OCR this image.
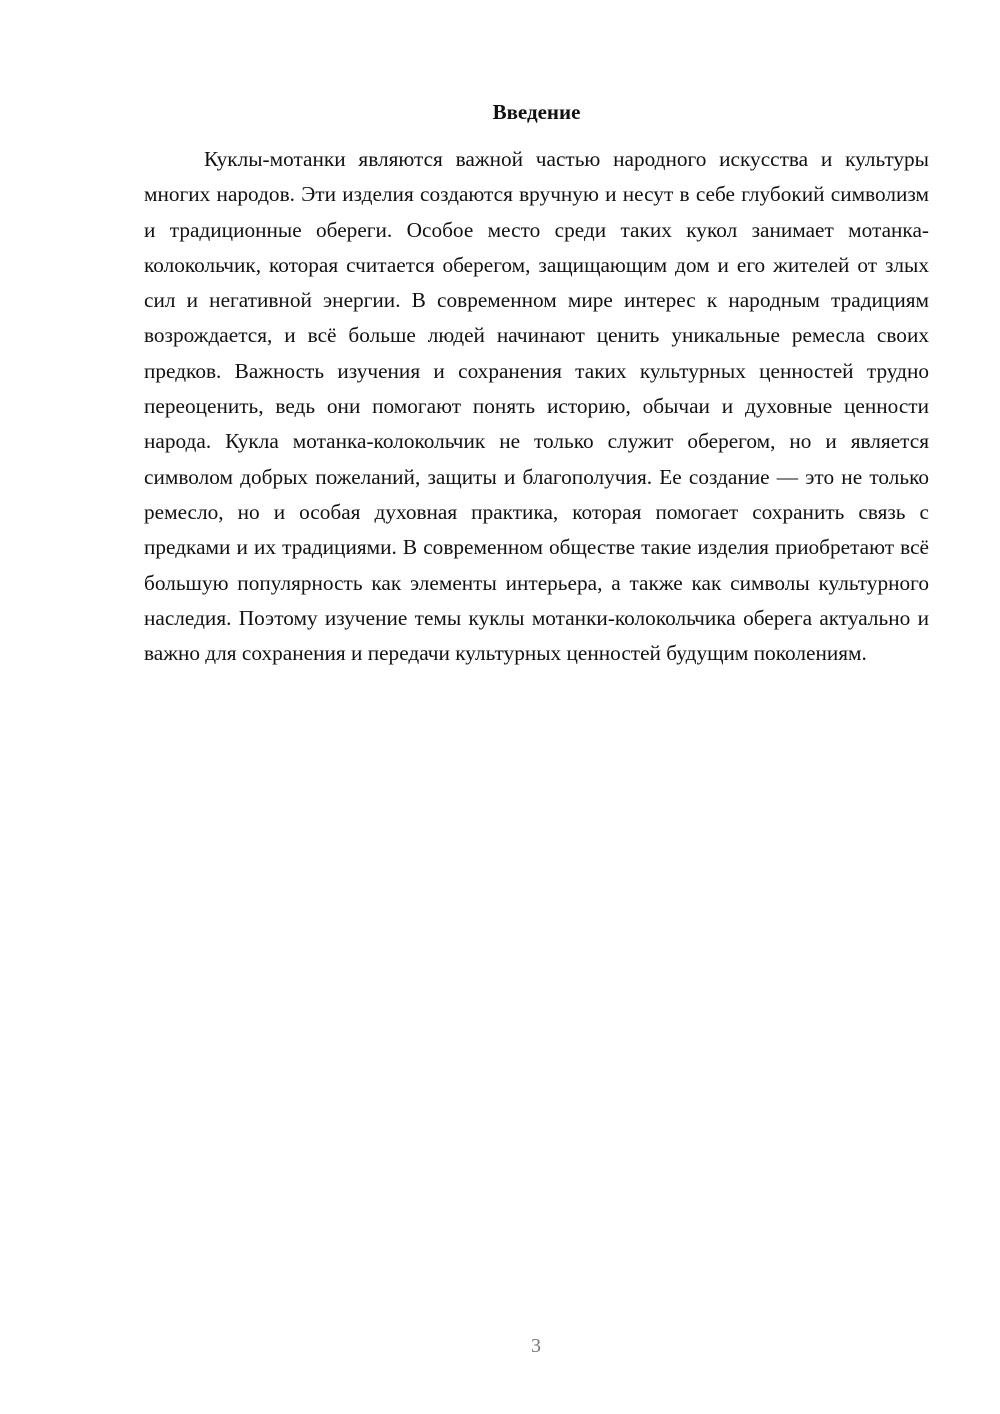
Введение

Куклы-мотанки являются важной частью народного искусства и культуры многих народов. Эти изделия создаются вручную и несут в себе глубокий символизм и традиционные обереги. Особое место среди таких кукол занимает мотанка-колокольчик, которая считается оберегом, защищающим дом и его жителей от злых сил и негативной энергии. В современном мире интерес к народным традициям возрождается, и всё больше людей начинают ценить уникальные ремесла своих предков. Важность изучения и сохранения таких культурных ценностей трудно переоценить, ведь они помогают понять историю, обычаи и духовные ценности народа. Кукла мотанка-колокольчик не только служит оберегом, но и является символом добрых пожеланий, защиты и благополучия. Ее создание — это не только ремесло, но и особая духовная практика, которая помогает сохранить связь с предками и их традициями. В современном обществе такие изделия приобретают всё большую популярность как элементы интерьера, а также как символы культурного наследия. Поэтому изучение темы куклы мотанки-колокольчика оберега актуально и важно для сохранения и передачи культурных ценностей будущим поколениям.

3
